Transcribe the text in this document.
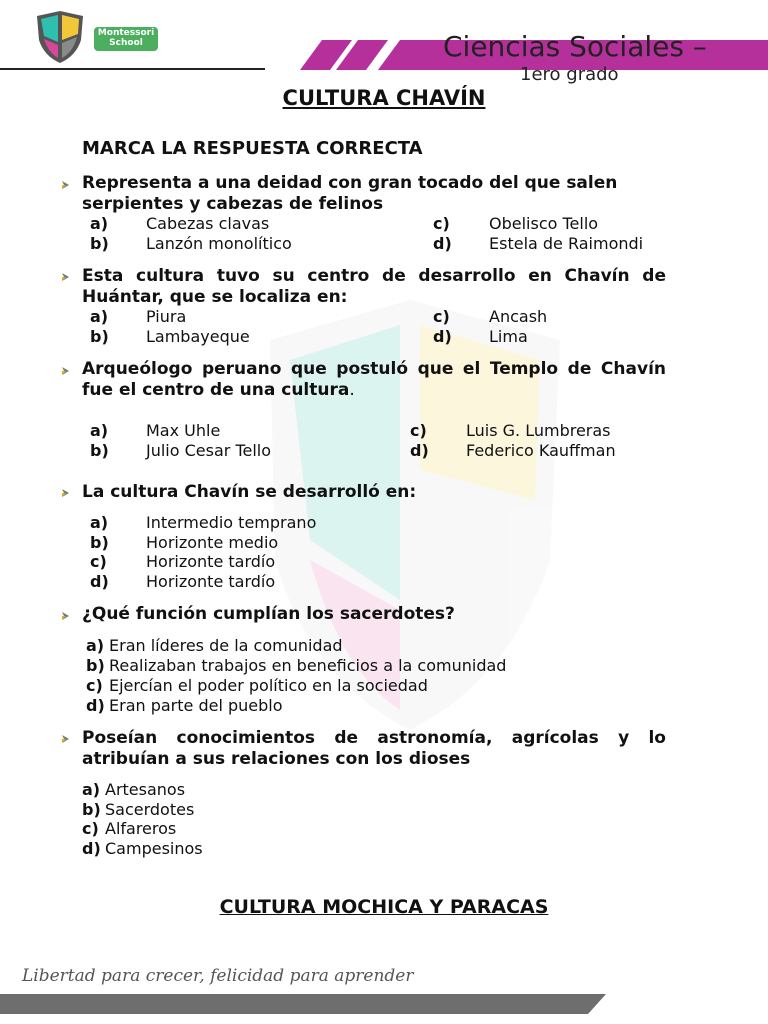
Montessori
School	Ciencias Sociales –
1ero grado
CULTURA CHAVÍN
MARCA LA RESPUESTA CORRECTA
Representa a una deidad con gran tocado del que salen serpientes y cabezas de felinos
a) Cabezas clavas
b) Lanzón monolítico
c) Obelisco Tello
d) Estela de Raimondi
Esta cultura tuvo su centro de desarrollo en Chavín de Huántar, que se localiza en:
a) Piura
b) Lambayeque
c) Ancash
d) Lima
Arqueólogo peruano que postuló que el Templo de Chavín fue el centro de una cultura.
a) Max Uhle
b) Julio Cesar Tello
c) Luis G. Lumbreras
d) Federico Kauffman
La cultura Chavín se desarrolló en:
a) Intermedio temprano
b) Horizonte medio
c) Horizonte tardío
d) Horizonte tardío
¿Qué función cumplían los sacerdotes?
a) Eran líderes de la comunidad
b) Realizaban trabajos en beneficios a la comunidad
c) Ejercían el poder político en la sociedad
d) Eran parte del pueblo
Poseían conocimientos de astronomía, agrícolas y lo atribuían a sus relaciones con los dioses
a) Artesanos
b) Sacerdotes
c) Alfareros
d) Campesinos
CULTURA MOCHICA Y PARACAS
Libertad para crecer, felicidad para aprender
